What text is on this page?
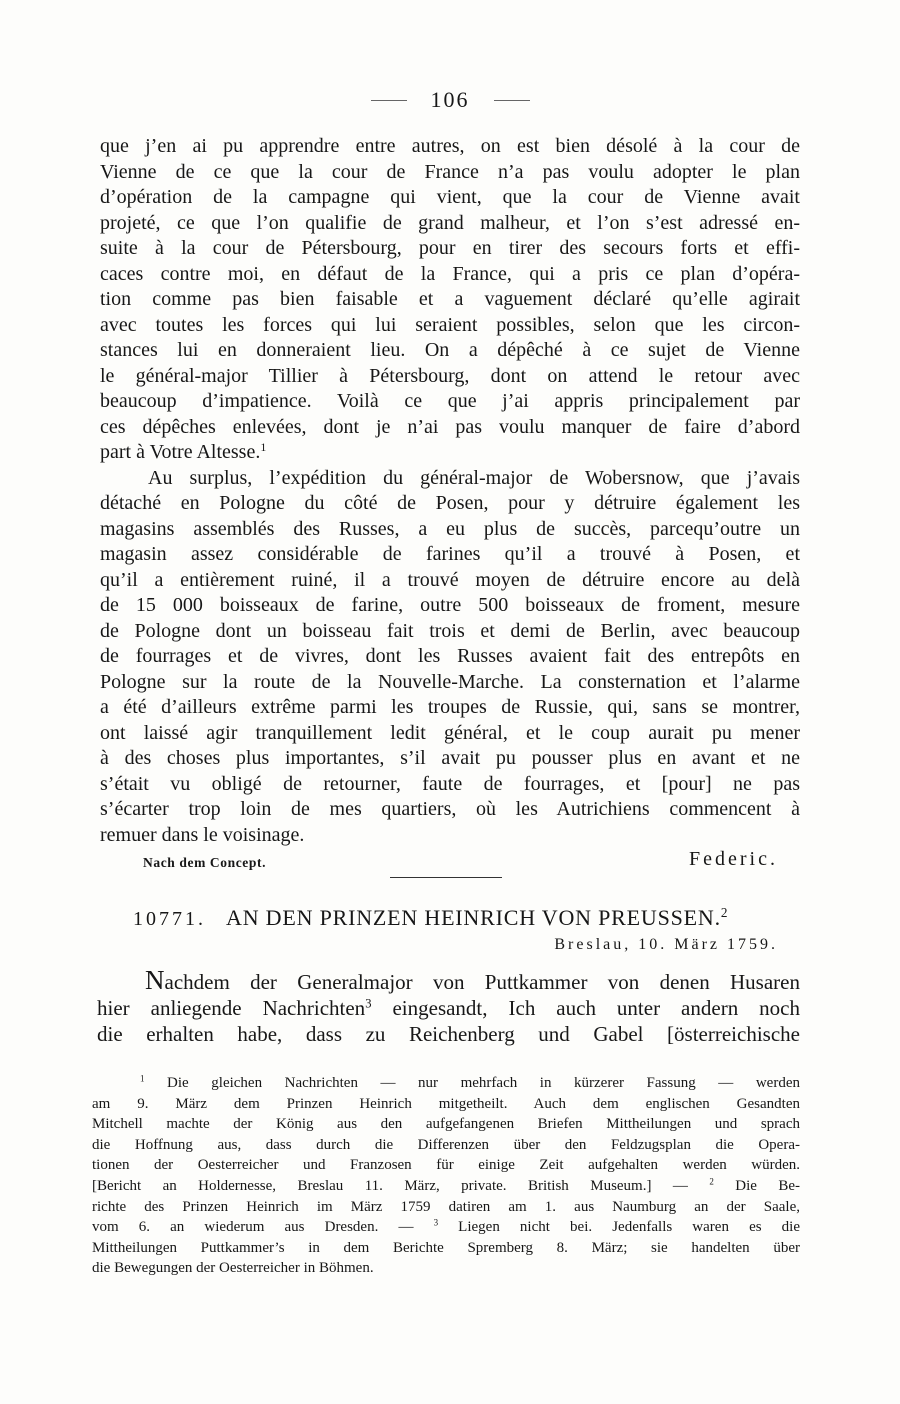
106
que j’en ai pu apprendre entre autres, on est bien désolé à la cour de
Vienne de ce que la cour de France n’a pas voulu adopter le plan
d’opération de la campagne qui vient, que la cour de Vienne avait
projeté, ce que l’on qualifie de grand malheur, et l’on s’est adressé en-
suite à la cour de Pétersbourg, pour en tirer des secours forts et effi-
caces contre moi, en défaut de la France, qui a pris ce plan d’opéra-
tion comme pas bien faisable et a vaguement déclaré qu’elle agirait
avec toutes les forces qui lui seraient possibles, selon que les circon-
stances lui en donneraient lieu. On a dépêché à ce sujet de Vienne
le général-major Tillier à Pétersbourg, dont on attend le retour avec
beaucoup d’impatience. Voilà ce que j’ai appris principalement par
ces dépêches enlevées, dont je n’ai pas voulu manquer de faire d’abord
part à Votre Altesse.$^1$
Au surplus, l’expédition du général-major de Wobersnow, que j’avais
détaché en Pologne du côté de Posen, pour y détruire également les
magasins assemblés des Russes, a eu plus de succès, parcequ’outre un
magasin assez considérable de farines qu’il a trouvé à Posen, et
qu’il a entièrement ruiné, il a trouvé moyen de détruire encore au delà
de 15 000 boisseaux de farine, outre 500 boisseaux de froment, mesure
de Pologne dont un boisseau fait trois et demi de Berlin, avec beaucoup
de fourrages et de vivres, dont les Russes avaient fait des entrepôts en
Pologne sur la route de la Nouvelle-Marche. La consternation et l’alarme
a été d’ailleurs extrême parmi les troupes de Russie, qui, sans se montrer,
ont laissé agir tranquillement ledit général, et le coup aurait pu mener
à des choses plus importantes, s’il avait pu pousser plus en avant et ne
s’était vu obligé de retourner, faute de fourrages, et [pour] ne pas
s’écarter trop loin de mes quartiers, où les Autrichiens commencent à
remuer dans le voisinage.
Nach dem Concept.	Federic.
10771. AN DEN PRINZEN HEINRICH VON PREUSSEN.$^2$
Breslau, 10. März 1759.
Nachdem der Generalmajor von Puttkammer von denen Husaren
hier anliegende Nachrichten$^3$ eingesandt, Ich auch unter andern noch
die erhalten habe, dass zu Reichenberg und Gabel [österreichische
$^1$ Die gleichen Nachrichten — nur mehrfach in kürzerer Fassung — werden
am 9. März dem Prinzen Heinrich mitgetheilt. Auch dem englischen Gesandten
Mitchell machte der König aus den aufgefangenen Briefen Mittheilungen und sprach
die Hoffnung aus, dass durch die Differenzen über den Feldzugsplan die Opera-
tionen der Oesterreicher und Franzosen für einige Zeit aufgehalten werden würden.
[Bericht an Holdernesse, Breslau 11. März, private. British Museum.] — $^2$ Die Be-
richte des Prinzen Heinrich im März 1759 datiren am 1. aus Naumburg an der Saale,
vom 6. an wiederum aus Dresden. — $^3$ Liegen nicht bei. Jedenfalls waren es die
Mittheilungen Puttkammer’s in dem Berichte Spremberg 8. März; sie handelten über
die Bewegungen der Oesterreicher in Böhmen.
